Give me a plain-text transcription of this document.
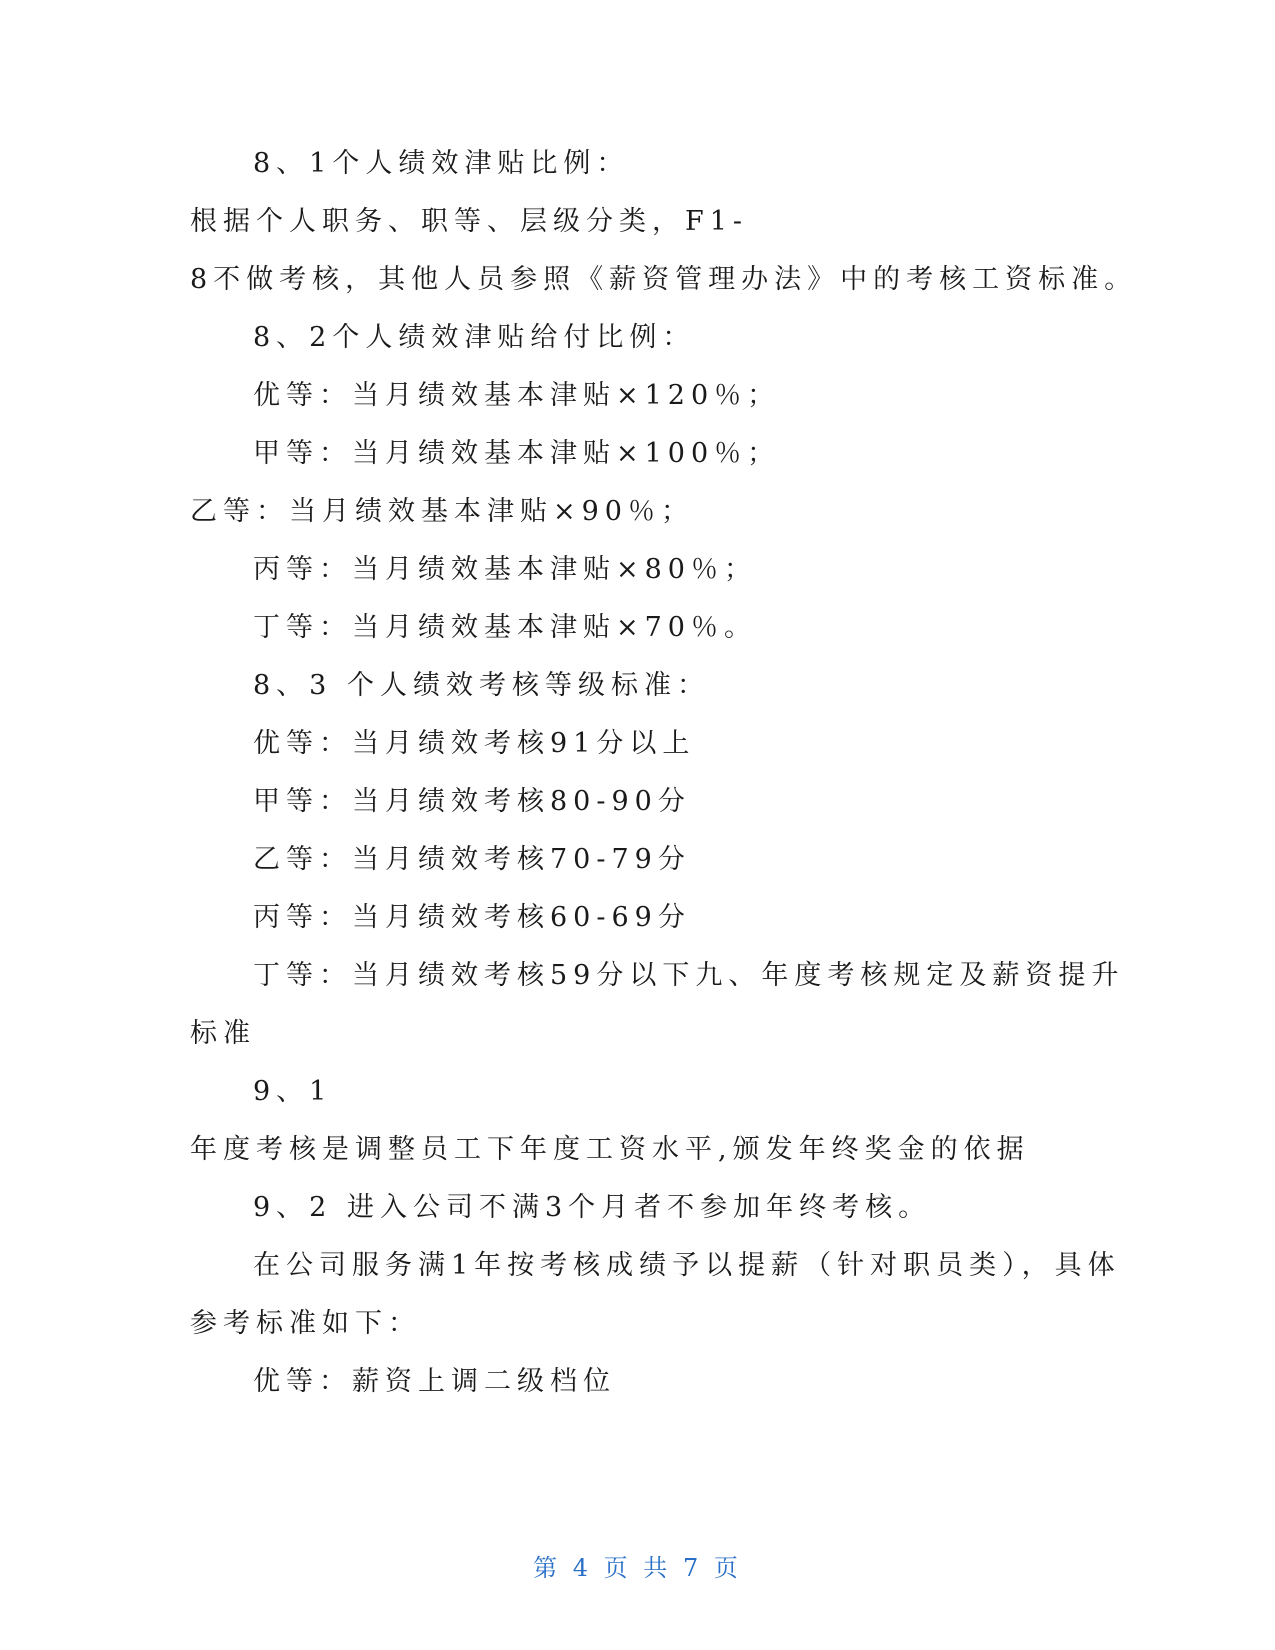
8、1个人绩效津贴比例：
根据个人职务、职等、层级分类，F1-
8不做考核，其他人员参照《薪资管理办法》中的考核工资标准。
8、2个人绩效津贴给付比例：
优等：当月绩效基本津贴×120％；
甲等：当月绩效基本津贴×100％；
乙等：当月绩效基本津贴×90％；
丙等：当月绩效基本津贴×80％；
丁等：当月绩效基本津贴×70％。
8、3 个人绩效考核等级标准：
优等：当月绩效考核91分以上
甲等：当月绩效考核80-90分
乙等：当月绩效考核70-79分
丙等：当月绩效考核60-69分
丁等：当月绩效考核59分以下九、年度考核规定及薪资提升
标准
9、1
年度考核是调整员工下年度工资水平,颁发年终奖金的依据
9、2 进入公司不满3个月者不参加年终考核。
在公司服务满1年按考核成绩予以提薪（针对职员类），具体
参考标准如下：
优等：薪资上调二级档位
第 4 页 共 7 页
